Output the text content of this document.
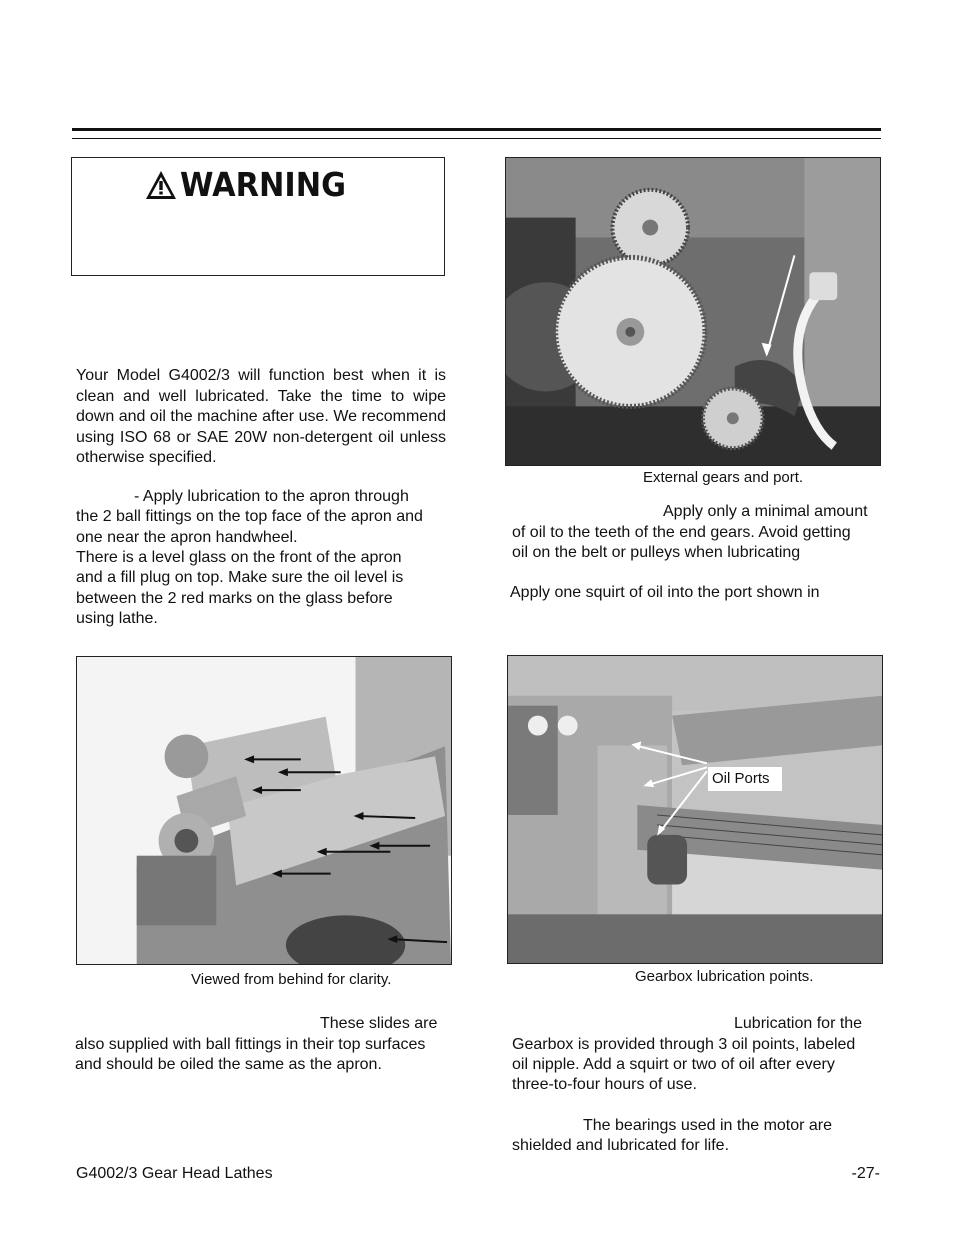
WARNING

Your Model G4002/3 will function best when it is clean and well lubricated. Take the time to wipe down and oil the machine after use. We recommend using ISO 68 or SAE 20W non-detergent oil unless otherwise specified.

- Apply lubrication to the apron through
the 2 ball fittings on the top face of the apron and
one near the apron handwheel.
There is a level glass on the front of the apron
and a fill plug on top. Make sure the oil level is
between the 2 red marks on the glass before
using lathe.
External gears and port.
Apply only a minimal amount
of oil to the teeth of the end gears. Avoid getting
oil on the belt or pulleys when lubricating
Apply one squirt of oil into the port shown in
Viewed from behind for clarity.
These slides are
also supplied with ball fittings in their top surfaces
and should be oiled the same as the apron.
Oil Ports
Gearbox lubrication points.
Lubrication for the
Gearbox is provided through 3 oil points, labeled
oil nipple. Add a squirt or two of oil after every
three-to-four hours of use.
The bearings used in the motor are
shielded and lubricated for life.
G4002/3 Gear Head Lathes	-27-
